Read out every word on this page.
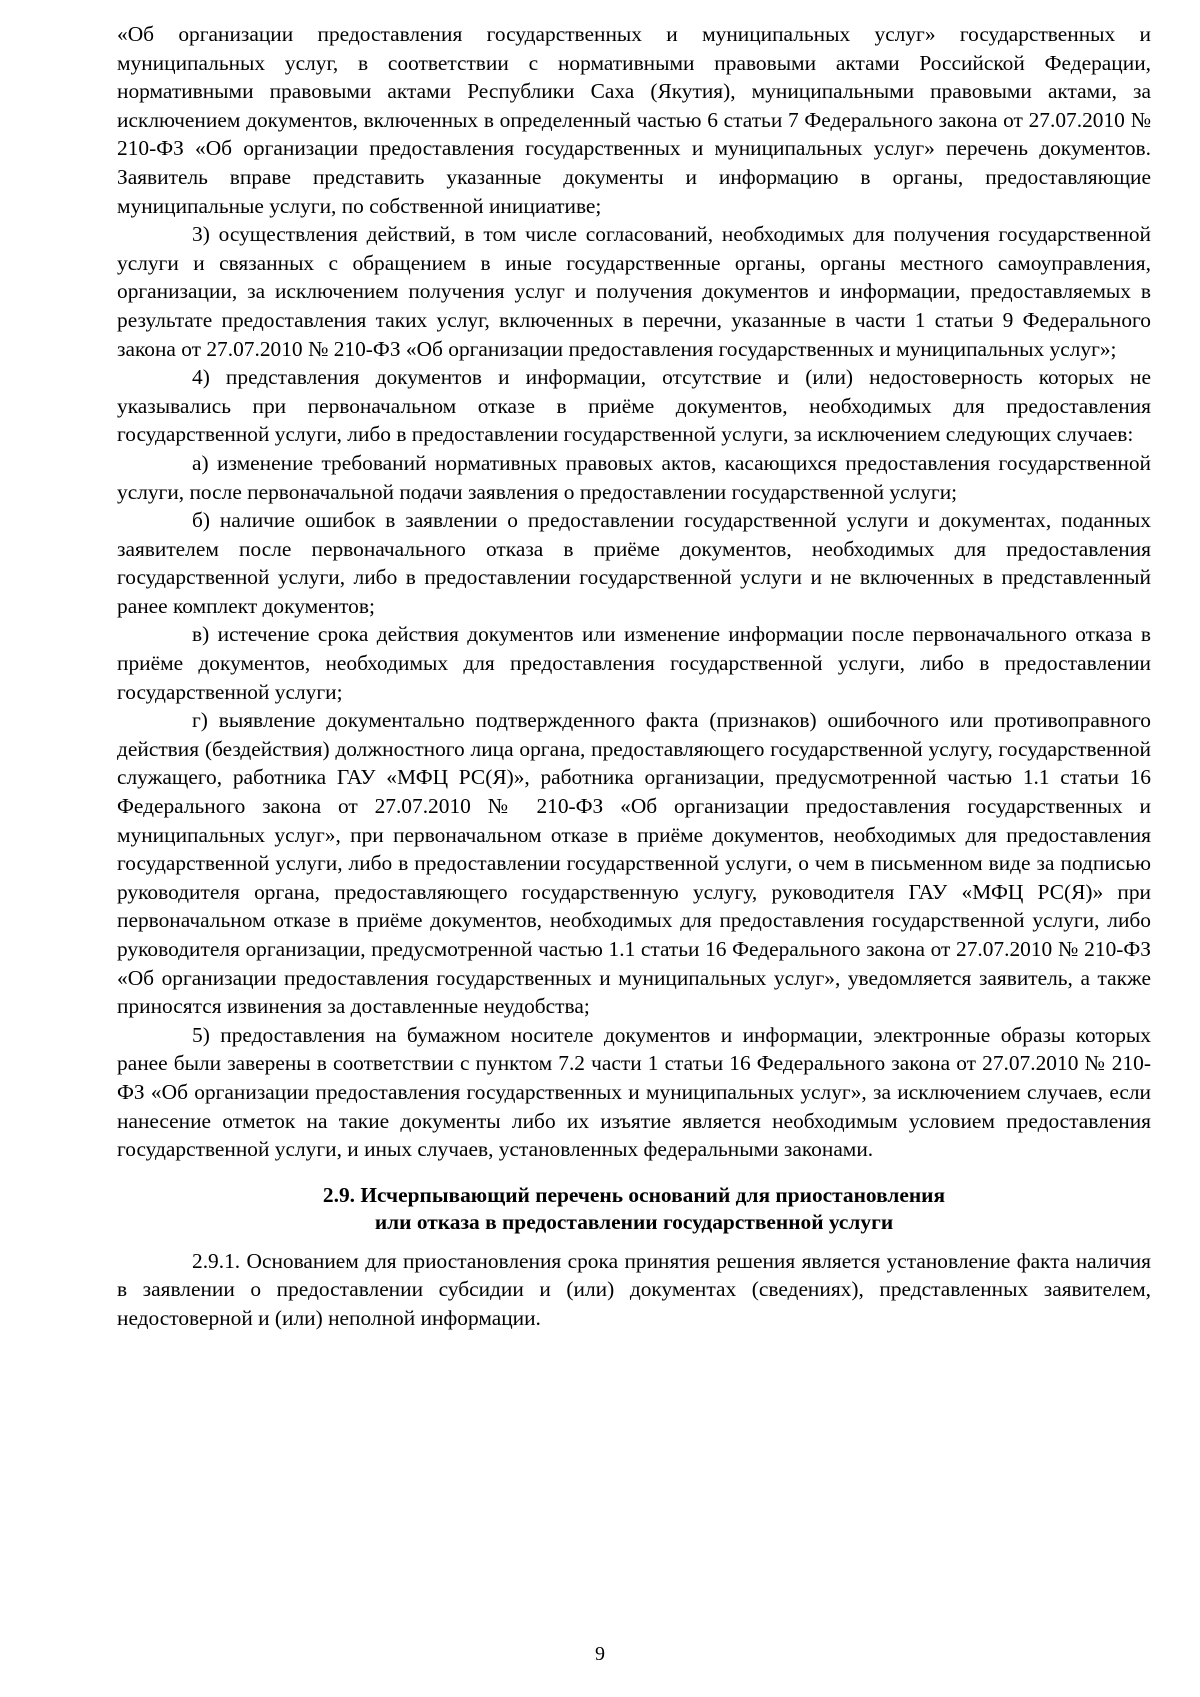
«Об организации предоставления государственных и муниципальных услуг» государственных и муниципальных услуг, в соответствии с нормативными правовыми актами Российской Федерации, нормативными правовыми актами Республики Саха (Якутия), муниципальными правовыми актами, за исключением документов, включенных в определенный частью 6 статьи 7 Федерального закона от 27.07.2010 № 210-ФЗ «Об организации предоставления государственных и муниципальных услуг» перечень документов. Заявитель вправе представить указанные документы и информацию в органы, предоставляющие муниципальные услуги, по собственной инициативе;

3) осуществления действий, в том числе согласований, необходимых для получения государственной услуги и связанных с обращением в иные государственные органы, органы местного самоуправления, организации, за исключением получения услуг и получения документов и информации, предоставляемых в результате предоставления таких услуг, включенных в перечни, указанные в части 1 статьи 9 Федерального закона от 27.07.2010 № 210-ФЗ «Об организации предоставления государственных и муниципальных услуг»;

4) представления документов и информации, отсутствие и (или) недостоверность которых не указывались при первоначальном отказе в приёме документов, необходимых для предоставления государственной услуги, либо в предоставлении государственной услуги, за исключением следующих случаев:

а) изменение требований нормативных правовых актов, касающихся предоставления государственной услуги, после первоначальной подачи заявления о предоставлении государственной услуги;

б) наличие ошибок в заявлении о предоставлении государственной услуги и документах, поданных заявителем после первоначального отказа в приёме документов, необходимых для предоставления государственной услуги, либо в предоставлении государственной услуги и не включенных в представленный ранее комплект документов;

в) истечение срока действия документов или изменение информации после первоначального отказа в приёме документов, необходимых для предоставления государственной услуги, либо в предоставлении государственной услуги;

г) выявление документально подтвержденного факта (признаков) ошибочного или противоправного действия (бездействия) должностного лица органа, предоставляющего государственной услугу, государственной служащего, работника ГАУ «МФЦ РС(Я)», работника организации, предусмотренной частью 1.1 статьи 16 Федерального закона от 27.07.2010 № 210-ФЗ «Об организации предоставления государственных и муниципальных услуг», при первоначальном отказе в приёме документов, необходимых для предоставления государственной услуги, либо в предоставлении государственной услуги, о чем в письменном виде за подписью руководителя органа, предоставляющего государственную услугу, руководителя ГАУ «МФЦ РС(Я)» при первоначальном отказе в приёме документов, необходимых для предоставления государственной услуги, либо руководителя организации, предусмотренной частью 1.1 статьи 16 Федерального закона от 27.07.2010 № 210-ФЗ «Об организации предоставления государственных и муниципальных услуг», уведомляется заявитель, а также приносятся извинения за доставленные неудобства;

5) предоставления на бумажном носителе документов и информации, электронные образы которых ранее были заверены в соответствии с пунктом 7.2 части 1 статьи 16 Федерального закона от 27.07.2010 № 210-ФЗ «Об организации предоставления государственных и муниципальных услуг», за исключением случаев, если нанесение отметок на такие документы либо их изъятие является необходимым условием предоставления государственной услуги, и иных случаев, установленных федеральными законами.

2.9. Исчерпывающий перечень оснований для приостановления
или отказа в предоставлении государственной услуги

2.9.1. Основанием для приостановления срока принятия решения является установление факта наличия в заявлении о предоставлении субсидии и (или) документах (сведениях), представленных заявителем, недостоверной и (или) неполной информации.

9
